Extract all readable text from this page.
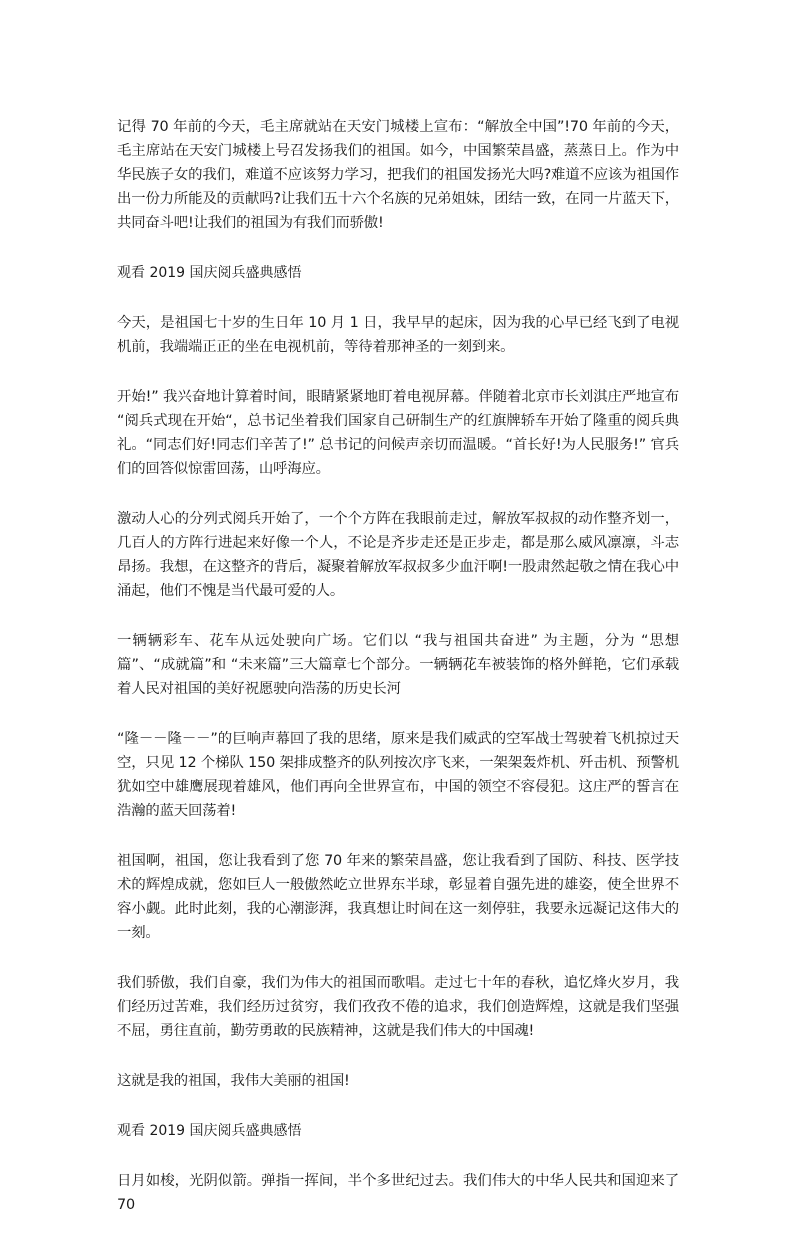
记得 70 年前的今天，毛主席就站在天安门城楼上宣布：“解放全中国”!70 年前的今天，毛主席站在天安门城楼上号召发扬我们的祖国。如今，中国繁荣昌盛，蒸蒸日上。作为中华民族子女的我们，难道不应该努力学习，把我们的祖国发扬光大吗?难道不应该为祖国作出一份力所能及的贡献吗?让我们五十六个名族的兄弟姐妹，团结一致，在同一片蓝天下，共同奋斗吧!让我们的祖国为有我们而骄傲!

观看 2019 国庆阅兵盛典感悟

今天，是祖国七十岁的生日年 10 月 1 日，我早早的起床，因为我的心早已经飞到了电视机前，我端端正正的坐在电视机前，等待着那神圣的一刻到来。

开始!” 我兴奋地计算着时间，眼睛紧紧地盯着电视屏幕。伴随着北京市长刘淇庄严地宣布 “阅兵式现在开始“，总书记坐着我们国家自己研制生产的红旗牌轿车开始了隆重的阅兵典礼。“同志们好!同志们辛苦了!” 总书记的问候声亲切而温暖。“首长好!为人民服务!” 官兵们的回答似惊雷回荡，山呼海应。

激动人心的分列式阅兵开始了，一个个方阵在我眼前走过，解放军叔叔的动作整齐划一，几百人的方阵行进起来好像一个人，不论是齐步走还是正步走，都是那么威风凛凛，斗志昂扬。我想，在这整齐的背后，凝聚着解放军叔叔多少血汗啊!一股肃然起敬之情在我心中涌起，他们不愧是当代最可爱的人。

一辆辆彩车、花车从远处驶向广场。它们以 “我与祖国共奋进” 为主题，分为 “思想篇”、“成就篇”和 “未来篇”三大篇章七个部分。一辆辆花车被装饰的格外鲜艳，它们承载着人民对祖国的美好祝愿驶向浩荡的历史长河

“隆－－隆－－”的巨响声幕回了我的思绪，原来是我们威武的空军战士驾驶着飞机掠过天空，只见 12 个梯队 150 架排成整齐的队列按次序飞来，一架架轰炸机、歼击机、预警机犹如空中雄鹰展现着雄风，他们再向全世界宣布，中国的领空不容侵犯。这庄严的誓言在浩瀚的蓝天回荡着!

祖国啊，祖国，您让我看到了您 70 年来的繁荣昌盛，您让我看到了国防、科技、医学技术的辉煌成就，您如巨人一般傲然屹立世界东半球，彰显着自强先进的雄姿，使全世界不容小觑。此时此刻，我的心潮澎湃，我真想让时间在这一刻停驻，我要永远凝记这伟大的一刻。

我们骄傲，我们自豪，我们为伟大的祖国而歌唱。走过七十年的春秋，追忆烽火岁月，我们经历过苦难，我们经历过贫穷，我们孜孜不倦的追求，我们创造辉煌，这就是我们坚强不屈，勇往直前，勤劳勇敢的民族精神，这就是我们伟大的中国魂!

这就是我的祖国，我伟大美丽的祖国!

观看 2019 国庆阅兵盛典感悟

日月如梭，光阴似箭。弹指一挥间，半个多世纪过去。我们伟大的中华人民共和国迎来了 70
